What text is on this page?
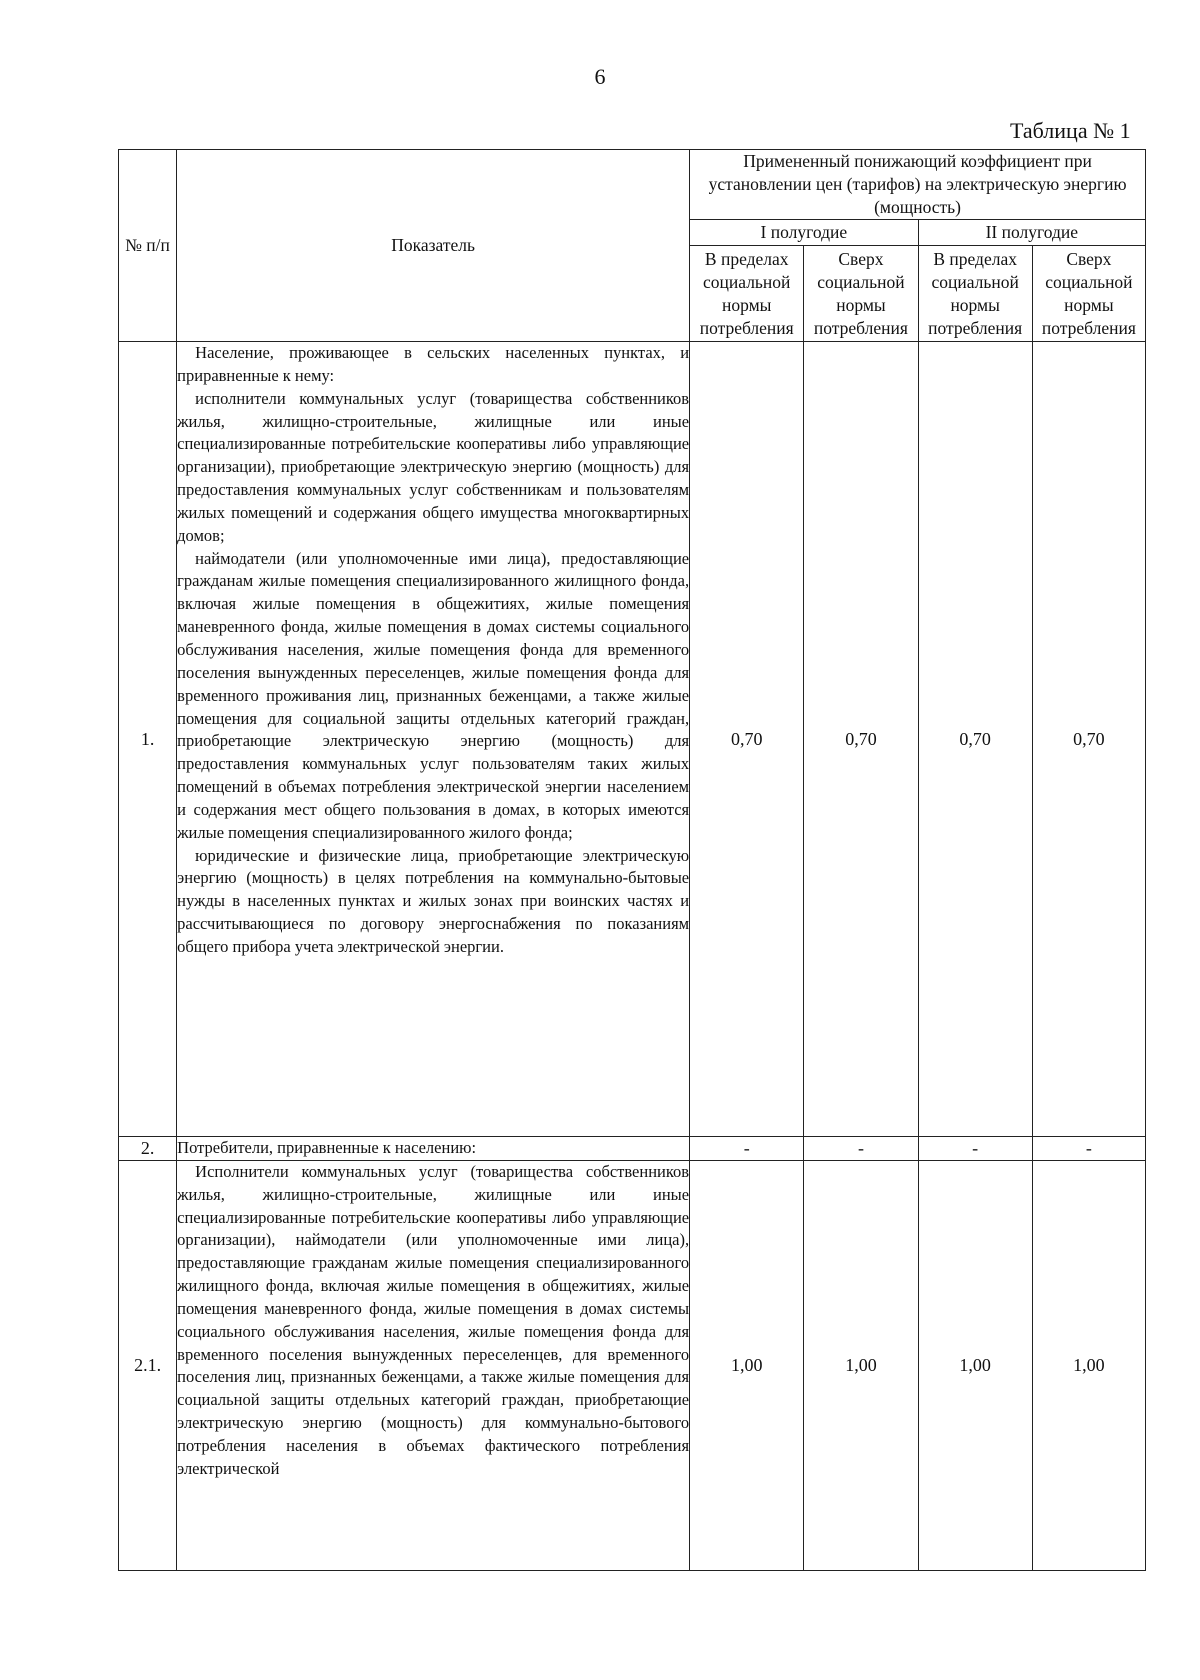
6
Таблица № 1
№ п/п	Показатель	Примененный понижающий коэффициент при установлении цен (тарифов) на электрическую энергию (мощность)			
		I полугодие		II полугодие	
		В пределах социальной нормы потребления	Сверх социальной нормы потребления	В пределах социальной нормы потребления	Сверх социальной нормы потребления
1.	Население, проживающее в сельских населенных пунктах, и приравненные к нему:

исполнители коммунальных услуг (товарищества собственников жилья, жилищно-строительные, жилищные или иные специализированные потребительские кооперативы либо управляющие организации), приобретающие электрическую энергию (мощность) для предоставления коммунальных услуг собственникам и пользователям жилых помещений и содержания общего имущества многоквартирных домов;

наймодатели (или уполномоченные ими лица), предоставляющие гражданам жилые помещения специализированного жилищного фонда, включая жилые помещения в общежитиях, жилые помещения маневренного фонда, жилые помещения в домах системы социального обслуживания населения, жилые помещения фонда для временного поселения вынужденных переселенцев, жилые помещения фонда для временного проживания лиц, признанных беженцами, а также жилые помещения для социальной защиты отдельных категорий граждан, приобретающие электрическую энергию (мощность) для предоставления коммунальных услуг пользователям таких жилых помещений в объемах потребления электрической энергии населением и содержания мест общего пользования в домах, в которых имеются жилые помещения специализированного жилого фонда;

юридические и физические лица, приобретающие электрическую энергию (мощность) в целях потребления на коммунально-бытовые нужды в населенных пунктах и жилых зонах при воинских частях и рассчитывающиеся по договору энергоснабжения по показаниям общего прибора учета электрической энергии.	0,70	0,70	0,70	0,70
2.	Потребители, приравненные к населению:	-	-	-	-
2.1.	Исполнители коммунальных услуг (товарищества собственников жилья, жилищно-строительные, жилищные или иные специализированные потребительские кооперативы либо управляющие организации), наймодатели (или уполномоченные ими лица), предоставляющие гражданам жилые помещения специализированного жилищного фонда, включая жилые помещения в общежитиях, жилые помещения маневренного фонда, жилые помещения в домах системы социального обслуживания населения, жилые помещения фонда для временного поселения вынужденных переселенцев, для временного поселения лиц, признанных беженцами, а также жилые помещения для социальной защиты отдельных категорий граждан, приобретающие электрическую энергию (мощность) для коммунально-бытового потребления населения в объемах фактического потребления электрической	1,00	1,00	1,00	1,00
